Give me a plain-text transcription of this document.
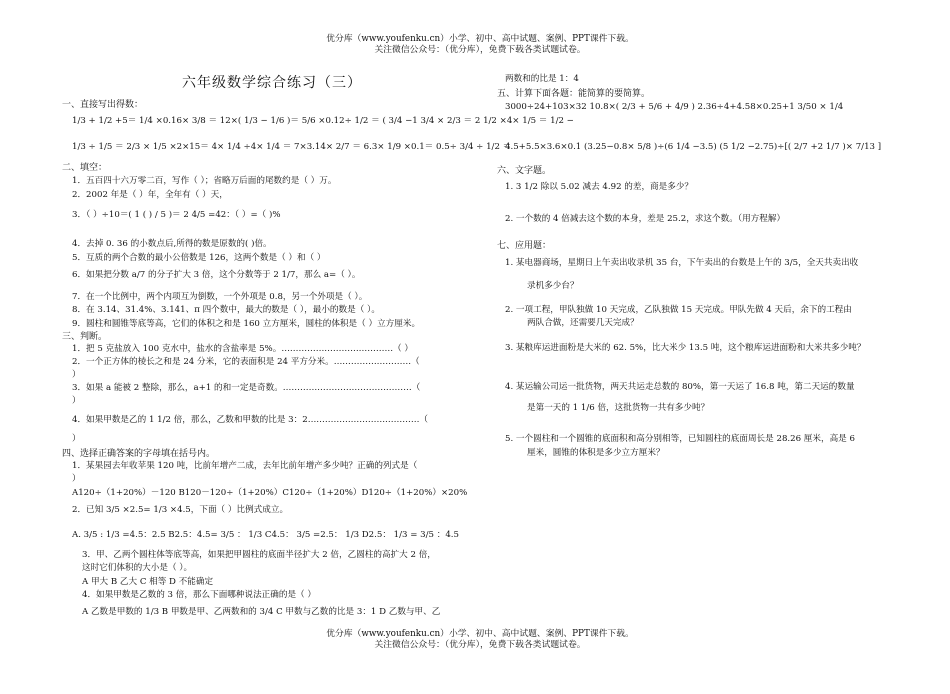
优分库（www.youfenku.cn）小学、初中、高中试题、案例、PPT课件下载。
关注微信公众号：（优分库），免费下载各类试题试卷。
六年级数学综合练习（三）
一、直接写出得数：
1/3 + 1/2 +5＝ 1/4 ×0.16× 3/8 ＝ 12×( 1/3 − 1/6 )＝ 5/6 ×0.12÷ 1/2 ＝ ( 3/4 −1 3/4 × 2/3 ＝ 2 1/2 ×4× 1/5 ＝ 1/2 −
1/3 ÷ 1/5 ＝ 2/3 × 1/5 ×2×15＝ 4× 1/4 ÷4× 1/4 ＝ 7×3.14× 2/7 ＝ 6.3× 1/9 ×0.1＝ 0.5÷ 3/4 ÷ 1/2 ＝
二、填空：
1．五百四十六万零二百，写作（ ）；省略万后面的尾数约是（ ）万。
2．2002 年是（ ）年，全年有（ ）天，
3．（ ）÷10＝( 1 ( ) / 5 )＝ 2 4/5 =42：（ ）=（ )%
4．去掉 0. 36 的小数点后,所得的数是原数的( )倍。
5．互质的两个合数的最小公倍数是 126，这两个数是（ ）和（ ）
6．如果把分数 a/7 的分子扩大 3 倍，这个分数等于 2 1/7，那么 a=（ ）。
7．在一个比例中，两个内项互为倒数，一个外项是 0.8，另一个外项是（ ）。
8．在 3.14、31.4%、3.141、π 四个数中，最大的数是（ ），最小的数是（ ）。
9．圆柱和圆锥等底等高，它们的体积之和是 160 立方厘米，圆柱的体积是（ ）立方厘米。
三、判断。
1．把 5 克盐放入 100 克水中，盐水的含盐率是 5%。…………………………………（ ）
2．一个正方体的棱长之和是 24 分米，它的表面积是 24 平方分米。………………………（
）
3．如果 a 能被 2 整除，那么，a+1 的和一定是奇数。………………………………………（
）
4．如果甲数是乙的 1 1/2 倍，那么，乙数和甲数的比是 3：2…………………………………（
）
四、选择正确答案的字母填在括号内。
1．某果园去年收苹果 120 吨，比前年增产二成，去年比前年增产多少吨？正确的列式是（
）
A120÷（1+20%）－120 B120－120÷（1+20%）C120÷（1+20%）D120÷（1+20%）×20%
2．已知 3/5 ×2.5= 1/3 ×4.5，下面（ ）比例式成立。
A. 3/5 : 1/3 =4.5：2.5 B2.5：4.5= 3/5 ： 1/3 C4.5： 3/5 =2.5： 1/3 D2.5： 1/3 = 3/5 ：4.5
3．甲、乙两个圆柱体等底等高，如果把甲圆柱的底面半径扩大 2 倍，乙圆柱的高扩大 2 倍，
这时它们体积的大小是（ ）。
A 甲大 B 乙大 C 相等 D 不能确定
4．如果甲数是乙数的 3 倍，那么下面哪种说法正确的是（ ）
A 乙数是甲数的 1/3 B 甲数是甲、乙两数和的 3/4 C 甲数与乙数的比是 3：1 D 乙数与甲、乙
两数和的比是 1：4
五、计算下面各题：能简算的要简算。
3000÷24+103×32 10.8×( 2/3 + 5/6 + 4/9 ) 2.36÷4+4.58×0.25+1 3/50 × 1/4
4.5+5.5×3.6×0.1 (3.25−0.8× 5/8 )÷(6 1/4 −3.5) (5 1/2 −2.75)÷[( 2/7 +2 1/7 )× 7/13 ]
六、文字题。
1. 3 1/2 除以 5.02 减去 4.92 的差，商是多少？
2. 一个数的 4 倍减去这个数的本身，差是 25.2，求这个数。（用方程解）
七、应用题：
1. 某电器商场，星期日上午卖出收录机 35 台，下午卖出的台数是上午的 3/5，全天共卖出收
录机多少台？
2. 一项工程，甲队独做 10 天完成，乙队独做 15 天完成。甲队先做 4 天后，余下的工程由
两队合做，还需要几天完成？
3. 某粮库运进面粉是大米的 62. 5%，比大米少 13.5 吨，这个粮库运进面粉和大米共多少吨？
4. 某运输公司运一批货物，两天共运走总数的 80%，第一天运了 16.8 吨，第二天运的数量
是第一天的 1 1/6 倍，这批货物一共有多少吨？
5. 一个圆柱和一个圆锥的底面积和高分别相等，已知圆柱的底面周长是 28.26 厘米，高是 6
厘米，圆锥的体积是多少立方厘米？
优分库（www.youfenku.cn）小学、初中、高中试题、案例、PPT课件下载。
关注微信公众号：（优分库），免费下载各类试题试卷。
